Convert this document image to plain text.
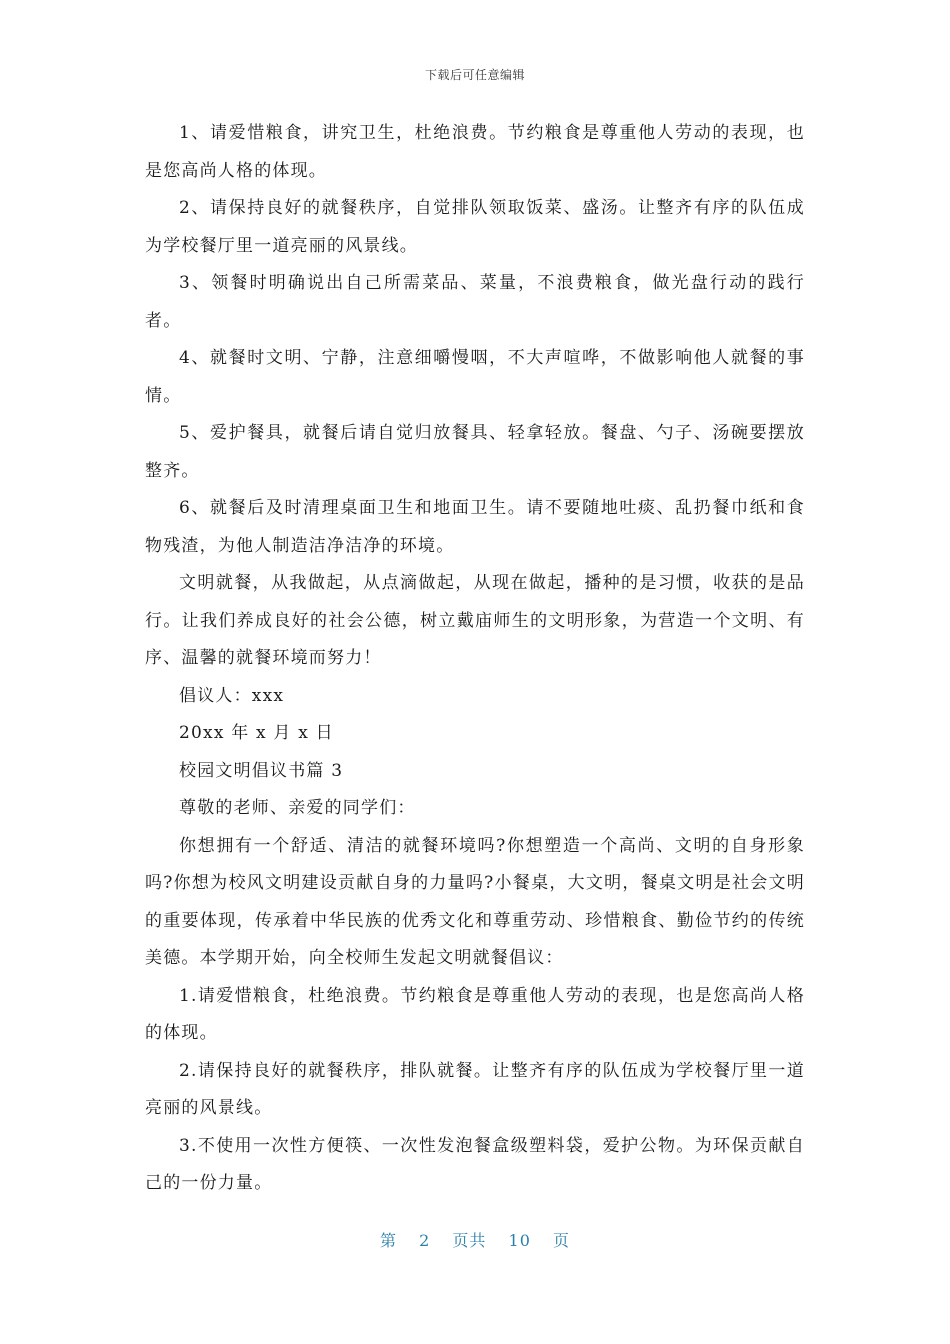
下载后可任意编辑

1、请爱惜粮食，讲究卫生，杜绝浪费。节约粮食是尊重他人劳动的表现，也是您高尚人格的体现。

2、请保持良好的就餐秩序，自觉排队领取饭菜、盛汤。让整齐有序的队伍成为学校餐厅里一道亮丽的风景线。

3、领餐时明确说出自己所需菜品、菜量，不浪费粮食，做光盘行动的践行者。

4、就餐时文明、宁静，注意细嚼慢咽，不大声喧哗，不做影响他人就餐的事情。

5、爱护餐具，就餐后请自觉归放餐具、轻拿轻放。餐盘、勺子、汤碗要摆放整齐。

6、就餐后及时清理桌面卫生和地面卫生。请不要随地吐痰、乱扔餐巾纸和食物残渣，为他人制造洁净洁净的环境。

文明就餐，从我做起，从点滴做起，从现在做起，播种的是习惯，收获的是品行。让我们养成良好的社会公德，树立戴庙师生的文明形象，为营造一个文明、有序、温馨的就餐环境而努力！

倡议人：xxx

20xx 年 x 月 x 日

校园文明倡议书篇 3

尊敬的老师、亲爱的同学们：

你想拥有一个舒适、清洁的就餐环境吗?你想塑造一个高尚、文明的自身形象吗?你想为校风文明建设贡献自身的力量吗?小餐桌，大文明，餐桌文明是社会文明的重要体现，传承着中华民族的优秀文化和尊重劳动、珍惜粮食、勤俭节约的传统美德。本学期开始，向全校师生发起文明就餐倡议：

1.请爱惜粮食，杜绝浪费。节约粮食是尊重他人劳动的表现，也是您高尚人格的体现。

2.请保持良好的就餐秩序，排队就餐。让整齐有序的队伍成为学校餐厅里一道亮丽的风景线。

3.不使用一次性方便筷、一次性发泡餐盒级塑料袋，爱护公物。为环保贡献自己的一份力量。

第 2 页共 10 页
